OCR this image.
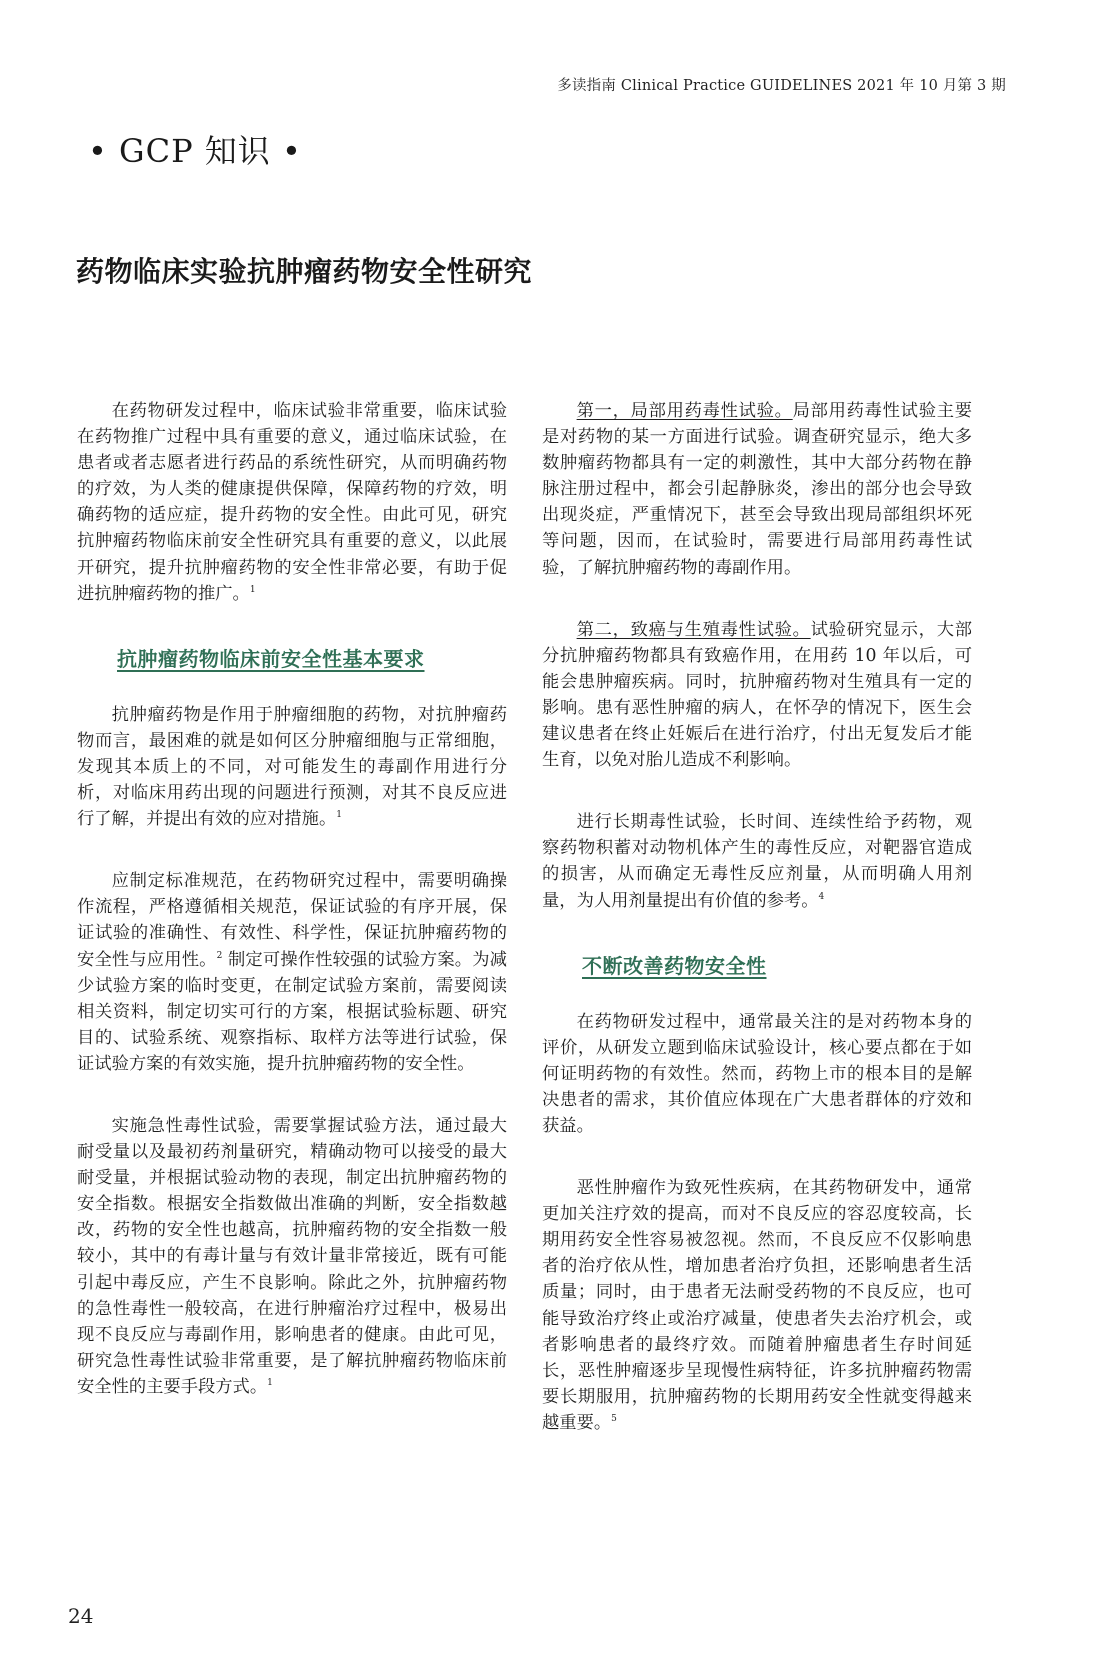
多读指南 Clinical Practice GUIDELINES 2021 年 10 月第 3 期
• GCP 知识 •
药物临床实验抗肿瘤药物安全性研究

在药物研发过程中，临床试验非常重要，临床试验在药物推广过程中具有重要的意义，通过临床试验，在患者或者志愿者进行药品的系统性研究，从而明确药物的疗效，为人类的健康提供保障，保障药物的疗效，明确药物的适应症，提升药物的安全性。由此可见，研究抗肿瘤药物临床前安全性研究具有重要的意义，以此展开研究，提升抗肿瘤药物的安全性非常必要，有助于促进抗肿瘤药物的推广。$^1$

抗肿瘤药物临床前安全性基本要求

抗肿瘤药物是作用于肿瘤细胞的药物，对抗肿瘤药物而言，最困难的就是如何区分肿瘤细胞与正常细胞，发现其本质上的不同，对可能发生的毒副作用进行分析，对临床用药出现的问题进行预测，对其不良反应进行了解，并提出有效的应对措施。$^1$

应制定标准规范，在药物研究过程中，需要明确操作流程，严格遵循相关规范，保证试验的有序开展，保证试验的准确性、有效性、科学性，保证抗肿瘤药物的安全性与应用性。$^2$ 制定可操作性较强的试验方案。为减少试验方案的临时变更，在制定试验方案前，需要阅读相关资料，制定切实可行的方案，根据试验标题、研究目的、试验系统、观察指标、取样方法等进行试验，保证试验方案的有效实施，提升抗肿瘤药物的安全性。

实施急性毒性试验，需要掌握试验方法，通过最大耐受量以及最初药剂量研究，精确动物可以接受的最大耐受量，并根据试验动物的表现，制定出抗肿瘤药物的安全指数。根据安全指数做出准确的判断，安全指数越改，药物的安全性也越高，抗肿瘤药物的安全指数一般较小，其中的有毒计量与有效计量非常接近，既有可能引起中毒反应，产生不良影响。除此之外，抗肿瘤药物的急性毒性一般较高，在进行肿瘤治疗过程中，极易出现不良反应与毒副作用，影响患者的健康。由此可见，研究急性毒性试验非常重要，是了解抗肿瘤药物临床前安全性的主要手段方式。$^1$

第一，局部用药毒性试验。局部用药毒性试验主要是对药物的某一方面进行试验。调查研究显示，绝大多数肿瘤药物都具有一定的刺激性，其中大部分药物在静脉注册过程中，都会引起静脉炎，渗出的部分也会导致出现炎症，严重情况下，甚至会导致出现局部组织坏死等问题，因而，在试验时，需要进行局部用药毒性试验，了解抗肿瘤药物的毒副作用。

第二，致癌与生殖毒性试验。试验研究显示，大部分抗肿瘤药物都具有致癌作用，在用药 10 年以后，可能会患肿瘤疾病。同时，抗肿瘤药物对生殖具有一定的影响。患有恶性肿瘤的病人，在怀孕的情况下，医生会建议患者在终止妊娠后在进行治疗，付出无复发后才能生育，以免对胎儿造成不利影响。

进行长期毒性试验，长时间、连续性给予药物，观察药物积蓄对动物机体产生的毒性反应，对靶器官造成的损害，从而确定无毒性反应剂量，从而明确人用剂量，为人用剂量提出有价值的参考。$^4$

不断改善药物安全性

在药物研发过程中，通常最关注的是对药物本身的评价，从研发立题到临床试验设计，核心要点都在于如何证明药物的有效性。然而，药物上市的根本目的是解决患者的需求，其价值应体现在广大患者群体的疗效和获益。

恶性肿瘤作为致死性疾病，在其药物研发中，通常更加关注疗效的提高，而对不良反应的容忍度较高，长期用药安全性容易被忽视。然而，不良反应不仅影响患者的治疗依从性，增加患者治疗负担，还影响患者生活质量；同时，由于患者无法耐受药物的不良反应，也可能导致治疗终止或治疗减量，使患者失去治疗机会，或者影响患者的最终疗效。而随着肿瘤患者生存时间延长，恶性肿瘤逐步呈现慢性病特征，许多抗肿瘤药物需要长期服用，抗肿瘤药物的长期用药安全性就变得越来越重要。$^5$

24
